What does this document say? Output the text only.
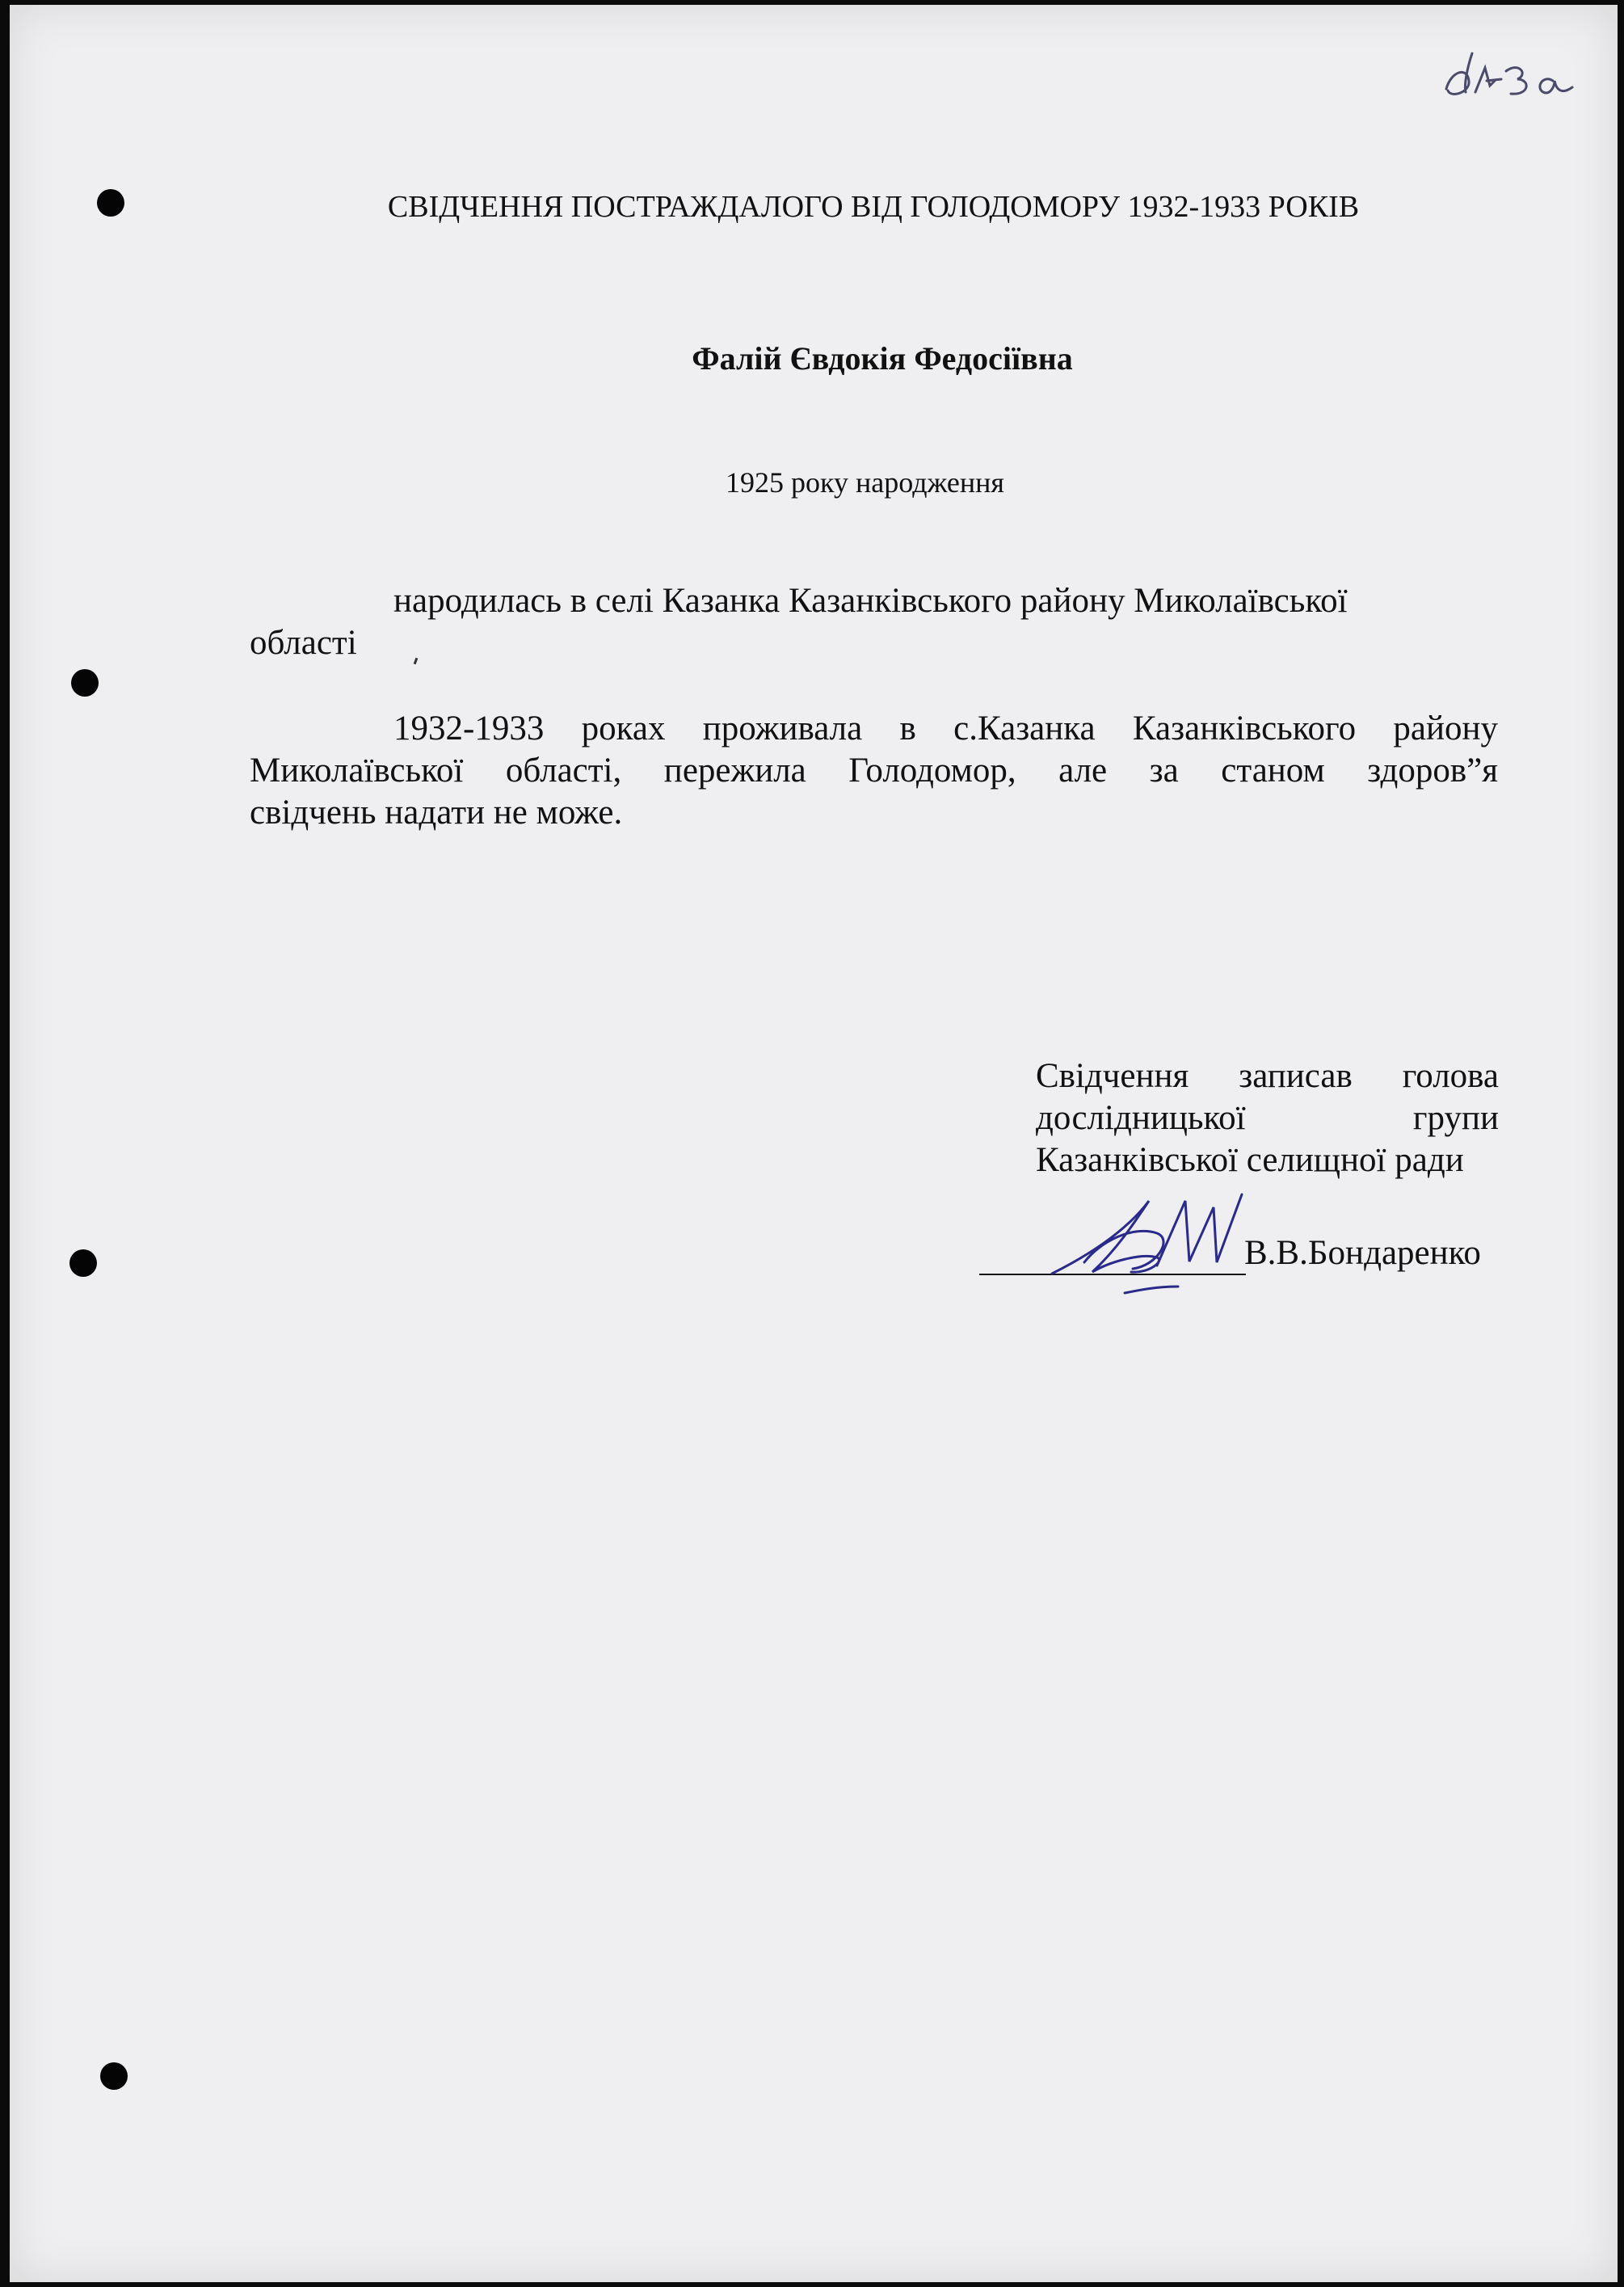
СВІДЧЕННЯ ПОСТРАЖДАЛОГО ВІД ГОЛОДОМОРУ 1932-1933 РОКІВ
Фалій Євдокія Федосіївна
1925 року народження
народилась в селі Казанка Казанківського району Миколаївської
області
1932-1933 роках проживала в с.Казанка Казанківського району
Миколаївської області, пережила Голодомор, але за станом здоров”я
свідчень надати не може.
Свідчення записав голова
дослідницької групи
Казанківської селищної ради
В.В.Бондаренко
